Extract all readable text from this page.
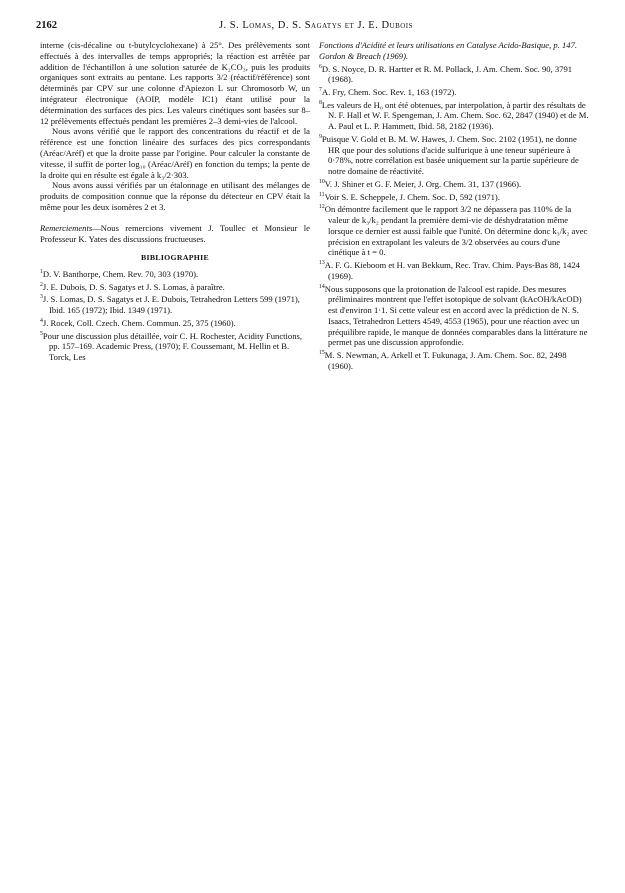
2162	J. S. Lomas, D. S. Sagatys et J. E. Dubois

interne (cis-décaline ou t-butylcyclohexane) à 25°. Des prélèvements sont effectués à des intervalles de temps appropriés; la réaction est arrêtée par addition de l'échantillon à une solution saturée de K₂CO₃, puis les produits organiques sont extraits au pentane. Les rapports 3/2 (réactif/référence) sont déterminés par CPV sur une colonne d'Apiezon L sur Chromosorb W, un intégrateur électronique (AOIP, modèle IC1) étant utilisé pour la détermination des surfaces des pics. Les valeurs cinétiques sont basées sur 8–12 prélèvements effectués pendant les premières 2–3 demi-vies de l'alcool.

Nous avons vérifié que le rapport des concentrations du réactif et de la référence est une fonction linéaire des surfaces des pics correspondants (Aréac/Aréf) et que la droite passe par l'origine. Pour calculer la constante de vitesse, il suffit de porter log₁₀ (Aréac/Aréf) en fonction du temps; la pente de la droite qui en résulte est égale à k₃/2·303.

Nous avons aussi vérifiés par un étalonnage en utilisant des mélanges de produits de composition connue que la réponse du détecteur en CPV était la même pour les deux isomères 2 et 3.

Remerciements—Nous remercions vivement J. Toullec et Monsieur le Professeur K. Yates des discussions fructueuses.

BIBLIOGRAPHIE

$^1$D. V. Banthorpe, Chem. Rev. 70, 303 (1970).

$^2$J. E. Dubois, D. S. Sagatys et J. S. Lomas, à paraître.

$^3$J. S. Lomas, D. S. Sagatys et J. E. Dubois, Tetrahedron Letters 599 (1971), Ibid. 165 (1972); Ibid. 1349 (1971).

$^4$J. Rocek, Coll. Czech. Chem. Commun. 25, 375 (1960).

$^5$Pour une discussion plus détaillée, voir C. H. Rochester, Acidity Functions, pp. 157–169. Academic Press, (1970); F. Coussemant, M. Hellin et B. Torck, Les

Fonctions d'Acidité et leurs utilisations en Catalyse Acido-Basique, p. 147. Gordon & Breach (1969).

$^6$D. S. Noyce, D. R. Hartter et R. M. Pollack, J. Am. Chem. Soc. 90, 3791 (1968).

$^7$A. Fry, Chem. Soc. Rev. 1, 163 (1972).

$^8$Les valeurs de H₀ ont été obtenues, par interpolation, à partir des résultats de N. F. Hall et W. F. Spengeman, J. Am. Chem. Soc. 62, 2847 (1940) et de M. A. Paul et L. P. Hammett, Ibid. 58, 2182 (1936).

$^9$Puisque V. Gold et B. M. W. Hawes, J. Chem. Soc. 2102 (1951), ne donne HR que pour des solutions d'acide sulfurique à une teneur supérieure à 0·78%, notre corrélation est basée uniquement sur la partie supérieure de notre domaine de réactivité.

$^{10}$V. J. Shiner et G. F. Meier, J. Org. Chem. 31, 137 (1966).

$^{11}$Voir S. E. Scheppele, J. Chem. Soc. D, 592 (1971).

$^{12}$On démontre facilement que le rapport 3/2 ne dépassera pas 110% de la valeur de k₃/k₂ pendant la première demi-vie de déshydratation même lorsque ce dernier est aussi faible que l'unité. On détermine donc k₃/k₂ avec précision en extrapolant les valeurs de 3/2 observées au cours d'une cinétique à t = 0.

$^{13}$A. F. G. Kieboom et H. van Bekkum, Rec. Trav. Chim. Pays-Bas 88, 1424 (1969).

$^{14}$Nous supposons que la protonation de l'alcool est rapide. Des mesures préliminaires montrent que l'effet isotopique de solvant (kAcOH/kAcOD) est d'environ 1·1. Si cette valeur est en accord avec la prédiction de N. S. Isaacs, Tetrahedron Letters 4549, 4553 (1965), pour une réaction avec un préquilibre rapide, le manque de données comparables dans la littérature ne permet pas une discussion approfondie.

$^{15}$M. S. Newman, A. Arkell et T. Fukunaga, J. Am. Chem. Soc. 82, 2498 (1960).
